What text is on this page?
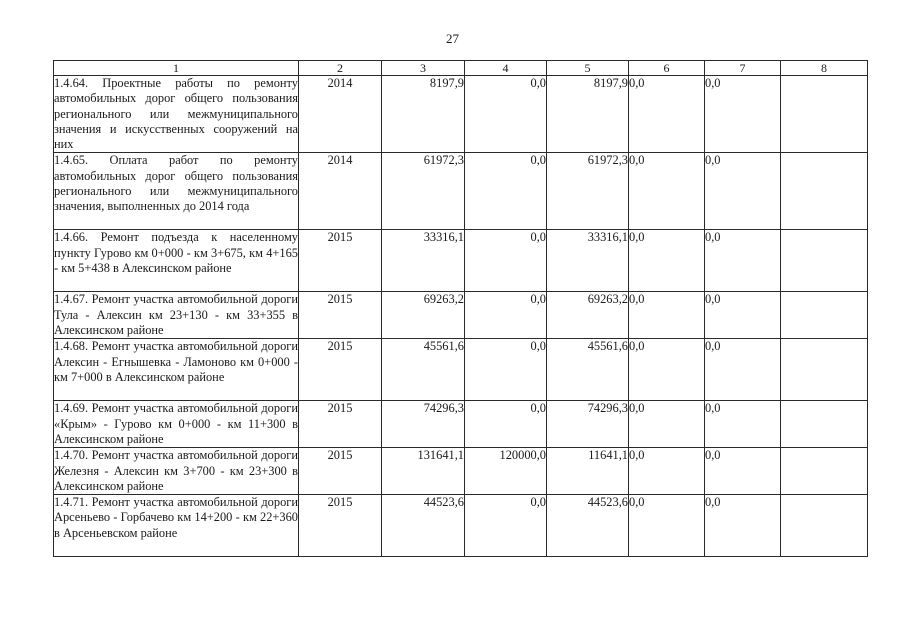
27
1	2	3	4	5	6	7	8
1.4.64. Проектные работы по ремонту автомобильных дорог общего пользования регионального или межмуниципального значения и искусственных сооружений на них	2014	8197,9	0,0	8197,9	0,0	0,0	
1.4.65. Оплата работ по ремонту автомобильных дорог общего пользования регионального или межмуниципального значения, выполненных до 2014 года	2014	61972,3	0,0	61972,3	0,0	0,0	
1.4.66. Ремонт подъезда к населенному пункту Гурово км 0+000 - км 3+675, км 4+165 - км 5+438 в Алексинском районе	2015	33316,1	0,0	33316,1	0,0	0,0	
1.4.67. Ремонт участка автомобильной дороги Тула - Алексин км 23+130 - км 33+355 в Алексинском районе	2015	69263,2	0,0	69263,2	0,0	0,0	
1.4.68. Ремонт участка автомобильной дороги Алексин - Егнышевка - Ламоново км 0+000 - км 7+000 в Алексинском районе	2015	45561,6	0,0	45561,6	0,0	0,0	
1.4.69. Ремонт участка автомобильной дороги «Крым» - Гурово км 0+000 - км 11+300 в Алексинском районе	2015	74296,3	0,0	74296,3	0,0	0,0	
1.4.70. Ремонт участка автомобильной дороги Железня - Алексин км 3+700 - км 23+300 в Алексинском районе	2015	131641,1	120000,0	11641,1	0,0	0,0	
1.4.71. Ремонт участка автомобильной дороги Арсеньево - Горбачево км 14+200 - км 22+360 в Арсеньевском районе	2015	44523,6	0,0	44523,6	0,0	0,0	
